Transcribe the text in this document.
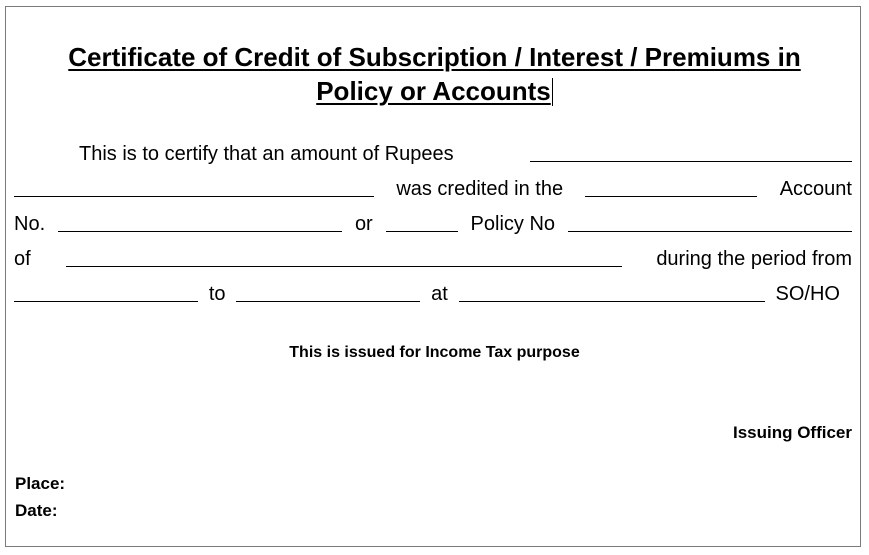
Certificate of Credit of Subscription / Interest / Premiums in
Policy or Accounts
This is to certify that an amount of Rupees
was credited in the	Account
No.	or	Policy No
of	during the period from
to	at	SO/HO
This is issued for Income Tax purpose
Issuing Officer
Place:
Date:
